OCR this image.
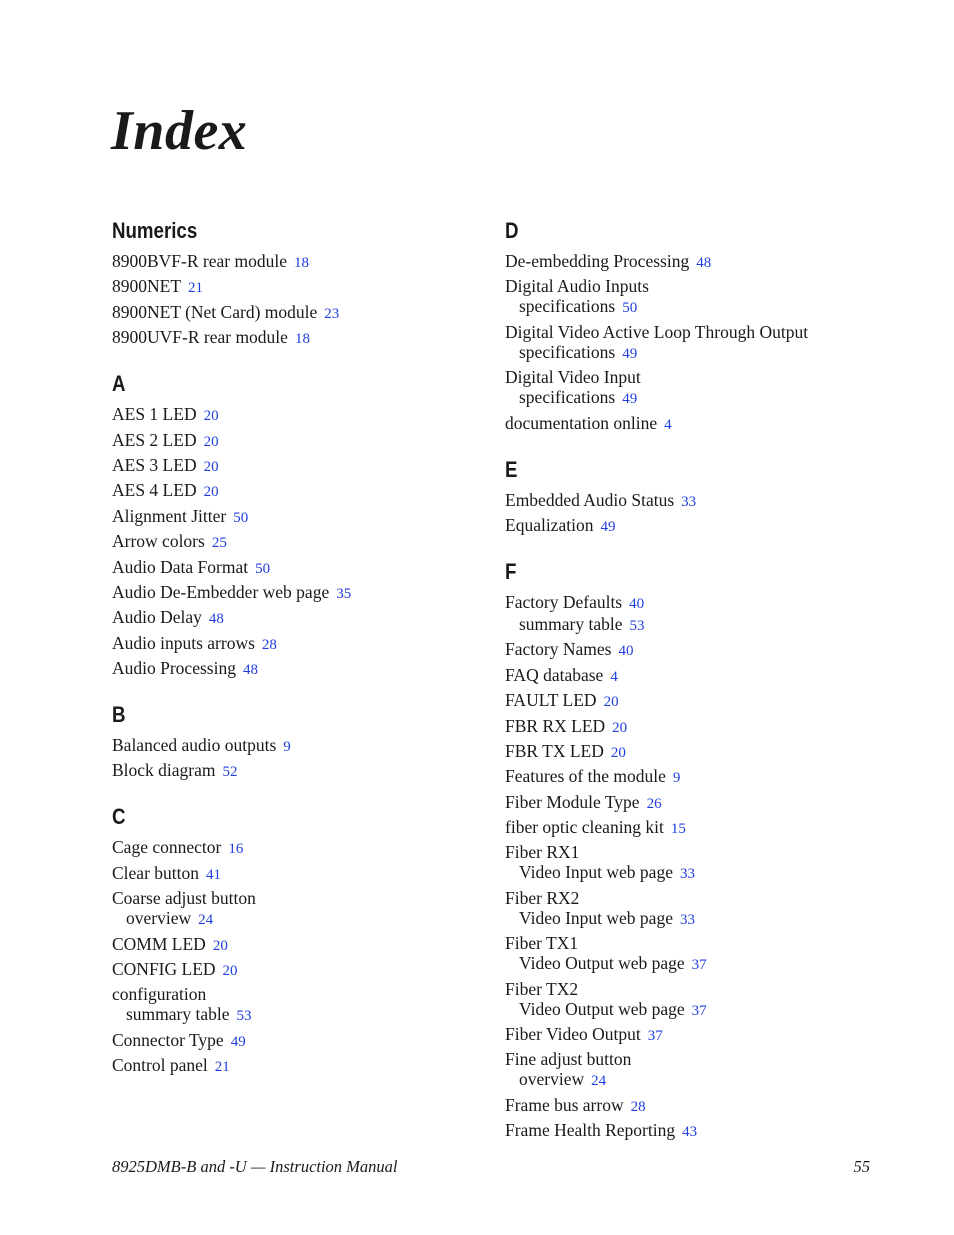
Index
Numerics
8900BVF-R rear module 18
8900NET 21
8900NET (Net Card) module 23
8900UVF-R rear module 18
A
AES 1 LED 20
AES 2 LED 20
AES 3 LED 20
AES 4 LED 20
Alignment Jitter 50
Arrow colors 25
Audio Data Format 50
Audio De-Embedder web page 35
Audio Delay 48
Audio inputs arrows 28
Audio Processing 48
B
Balanced audio outputs 9
Block diagram 52
C
Cage connector 16
Clear button 41
Coarse adjust button
overview 24
COMM LED 20
CONFIG LED 20
configuration
summary table 53
Connector Type 49
Control panel 21
D
De-embedding Processing 48
Digital Audio Inputs
specifications 50
Digital Video Active Loop Through Output
specifications 49
Digital Video Input
specifications 49
documentation online 4
E
Embedded Audio Status 33
Equalization 49
F
Factory Defaults 40
summary table 53
Factory Names 40
FAQ database 4
FAULT LED 20
FBR RX LED 20
FBR TX LED 20
Features of the module 9
Fiber Module Type 26
fiber optic cleaning kit 15
Fiber RX1
Video Input web page 33
Fiber RX2
Video Input web page 33
Fiber TX1
Video Output web page 37
Fiber TX2
Video Output web page 37
Fiber Video Output 37
Fine adjust button
overview 24
Frame bus arrow 28
Frame Health Reporting 43
8925DMB-B and -U — Instruction Manual	55
